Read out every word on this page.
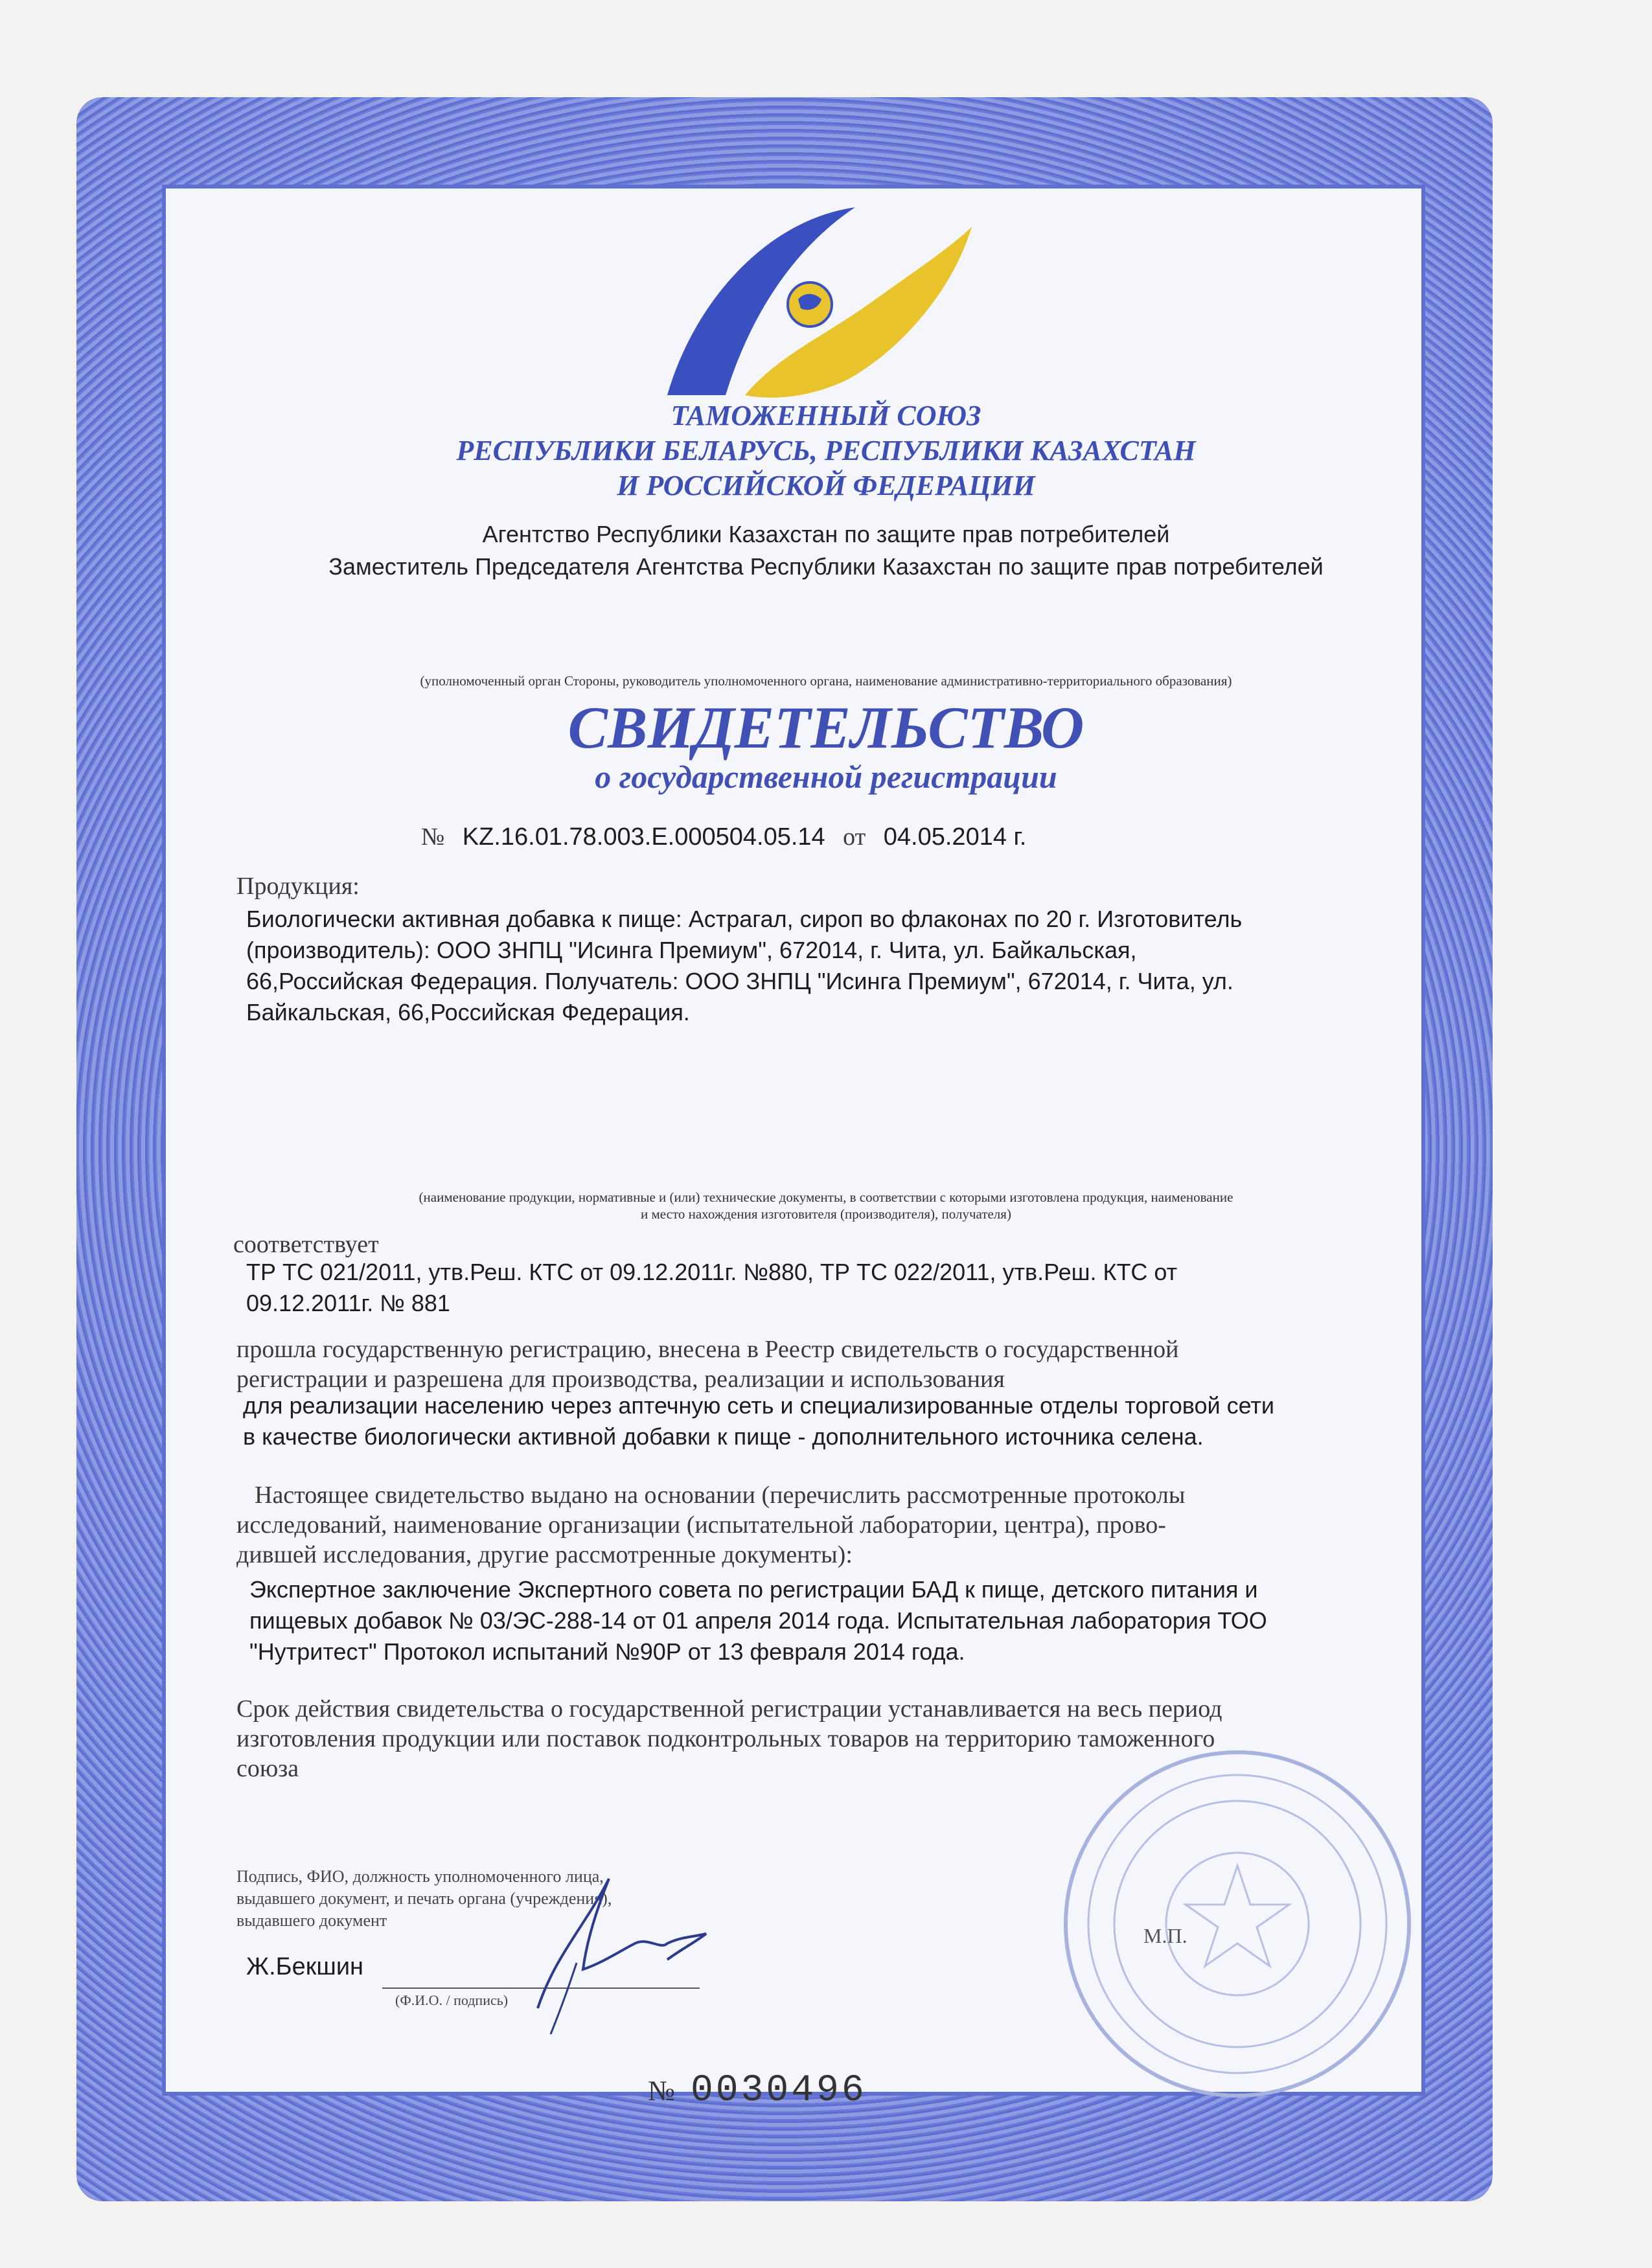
ТАМОЖЕННЫЙ СОЮЗ
РЕСПУБЛИКИ БЕЛАРУСЬ, РЕСПУБЛИКИ КАЗАХСТАН
И РОССИЙСКОЙ ФЕДЕРАЦИИ
Агентство Республики Казахстан по защите прав потребителей
Заместитель Председателя Агентства Республики Казахстан по защите прав потребителей
(уполномоченный орган Стороны, руководитель уполномоченного органа, наименование административно-территориального образования)
СВИДЕТЕЛЬСТВО
о государственной регистрации
№ KZ.16.01.78.003.E.000504.05.14 от 04.05.2014 г.
Продукция:
Биологически активная добавка к пище: Астрагал, сироп во флаконах по 20 г. Изготовитель
(производитель): ООО ЗНПЦ "Исинга Премиум", 672014, г. Чита, ул. Байкальская,
66,Российская Федерация. Получатель: ООО ЗНПЦ "Исинга Премиум", 672014, г. Чита, ул.
Байкальская, 66,Российская Федерация.
(наименование продукции, нормативные и (или) технические документы, в соответствии с которыми изготовлена продукция, наименование
и место нахождения изготовителя (производителя), получателя)
соответствует
ТР ТС 021/2011, утв.Реш. КТС от 09.12.2011г. №880, ТР ТС 022/2011, утв.Реш. КТС от
09.12.2011г. № 881
прошла государственную регистрацию, внесена в Реестр свидетельств о государственной
регистрации и разрешена для производства, реализации и использования
для реализации населению через аптечную сеть и специализированные отделы торговой сети
в качестве биологически активной добавки к пище - дополнительного источника селена.
Настоящее свидетельство выдано на основании (перечислить рассмотренные протоколы
исследований, наименование организации (испытательной лаборатории, центра), прово-
дившей исследования, другие рассмотренные документы):
Экспертное заключение Экспертного совета по регистрации БАД к пище, детского питания и
пищевых добавок № 03/ЭС-288-14 от 01 апреля 2014 года. Испытательная лаборатория ТОО
"Нутритест" Протокол испытаний №90Р от 13 февраля 2014 года.
Срок действия свидетельства о государственной регистрации устанавливается на весь период
изготовления продукции или поставок подконтрольных товаров на территорию таможенного
союза
Подпись, ФИО, должность уполномоченного лица,
выдавшего документ, и печать органа (учреждения),
выдавшего документ
Ж.Бекшин
(Ф.И.О. / подпись)
М.П.
№ 0030496
